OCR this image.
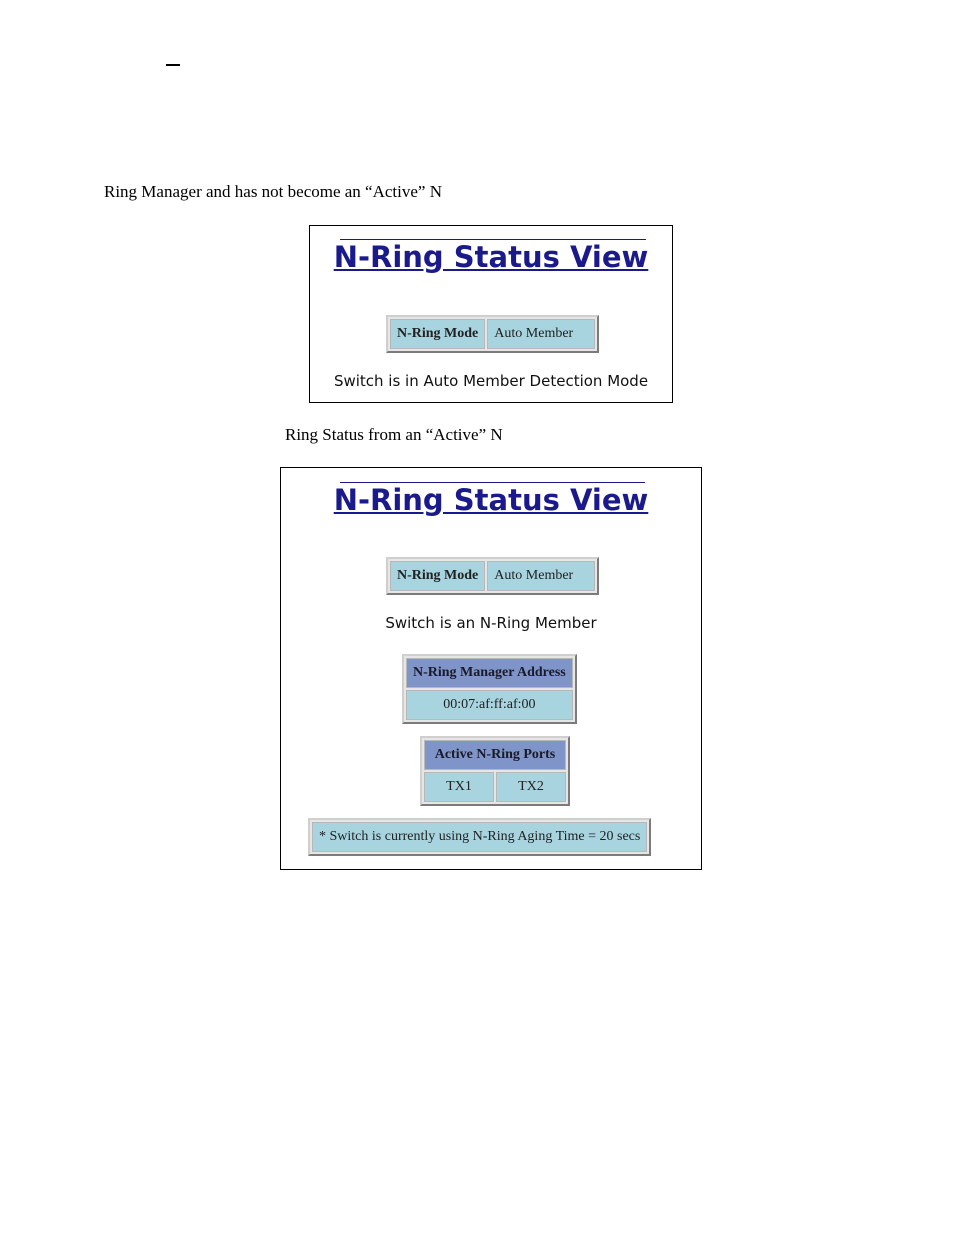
Ring Manager and has not become an “Active” N
N-Ring Status View
N-Ring Mode	Auto Member
Switch is in Auto Member Detection Mode
Ring Status from an “Active” N
N-Ring Status View
N-Ring Mode	Auto Member
Switch is an N-Ring Member
N-Ring Manager Address
00:07:af:ff:af:00
Active N-Ring Ports
TX1	TX2
* Switch is currently using N-Ring Aging Time = 20 secs
